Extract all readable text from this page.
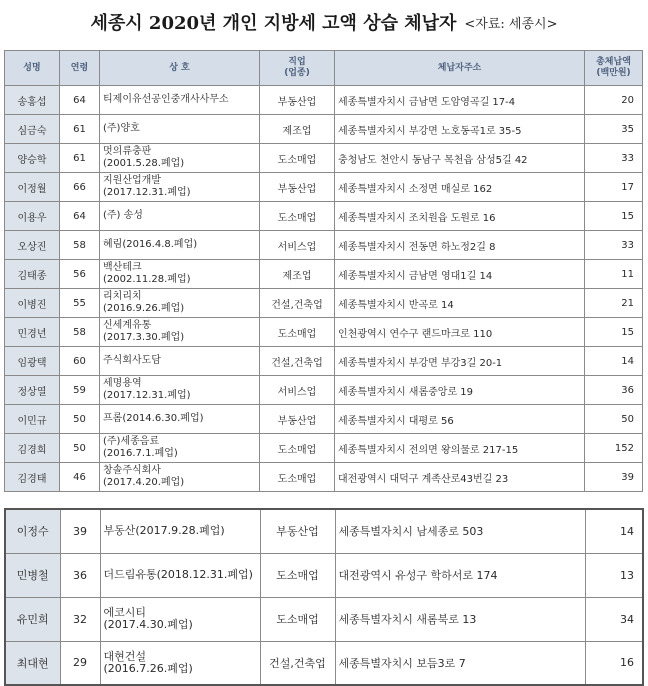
세종시 2020년 개인 지방세 고액 상습 체납자 <자료: 세종시>
성명	연령	상 호	직업
(업종)	체납자주소	총체납액
(백만원)
송홍섭	64	티제이유선공인중개사사무소	부동산업	세종특별자치시 금남면 도암영곡길 17-4	20
심금숙	61	(주)양호	제조업	세종특별자치시 부강면 노호동곡1로 35-5	35
양승학	61	멋의류충판
(2001.5.28.폐업)	도소매업	충청남도 천안시 동남구 목천읍 삼성5길 42	33
이정월	66	지원산업개발
(2017.12.31.폐업)	부동산업	세종특별자치시 소정면 매실로 162	17
이용우	64	(주) 송성	도소매업	세종특별자치시 조치원읍 도원로 16	15
오상진	58	혜림(2016.4.8.폐업)	서비스업	세종특별자치시 전동면 하노정2길 8	33
김태종	56	백산테크
(2002.11.28.폐업)	제조업	세종특별자치시 금남면 영대1길 14	11
이병진	55	리치리치
(2016.9.26.폐업)	건설,건축업	세종특별자치시 반곡로 14	21
민경년	58	신세계유통
(2017.3.30.폐업)	도소매업	인천광역시 연수구 랜드마크로 110	15
임광택	60	주식회사도담	건설,건축업	세종특별자치시 부강면 부강3길 20-1	14
정상열	59	세명용역
(2017.12.31.폐업)	서비스업	세종특별자치시 새롬중앙로 19	36
이민규	50	프롬(2014.6.30.폐업)	부동산업	세종특별자치시 대평로 56	50
김경희	50	(주)세종음료
(2016.7.1.폐업)	도소매업	세종특별자치시 전의면 왕의물로 217-15	152
김경태	46	창솔주식회사
(2017.4.20.폐업)	도소매업	대전광역시 대덕구 계족산로43번길 23	39
이정수	39	부동산(2017.9.28.폐업)	부동산업	세종특별자치시 남세종로 503	14
민병철	36	더드림유통(2018.12.31.폐업)	도소매업	대전광역시 유성구 학하서로 174	13
유민희	32	에코시티
(2017.4.30.폐업)	도소매업	세종특별자치시 새롬북로 13	34
최대현	29	대현건설
(2016.7.26.폐업)	건설,건축업	세종특별자치시 보듬3로 7	16
